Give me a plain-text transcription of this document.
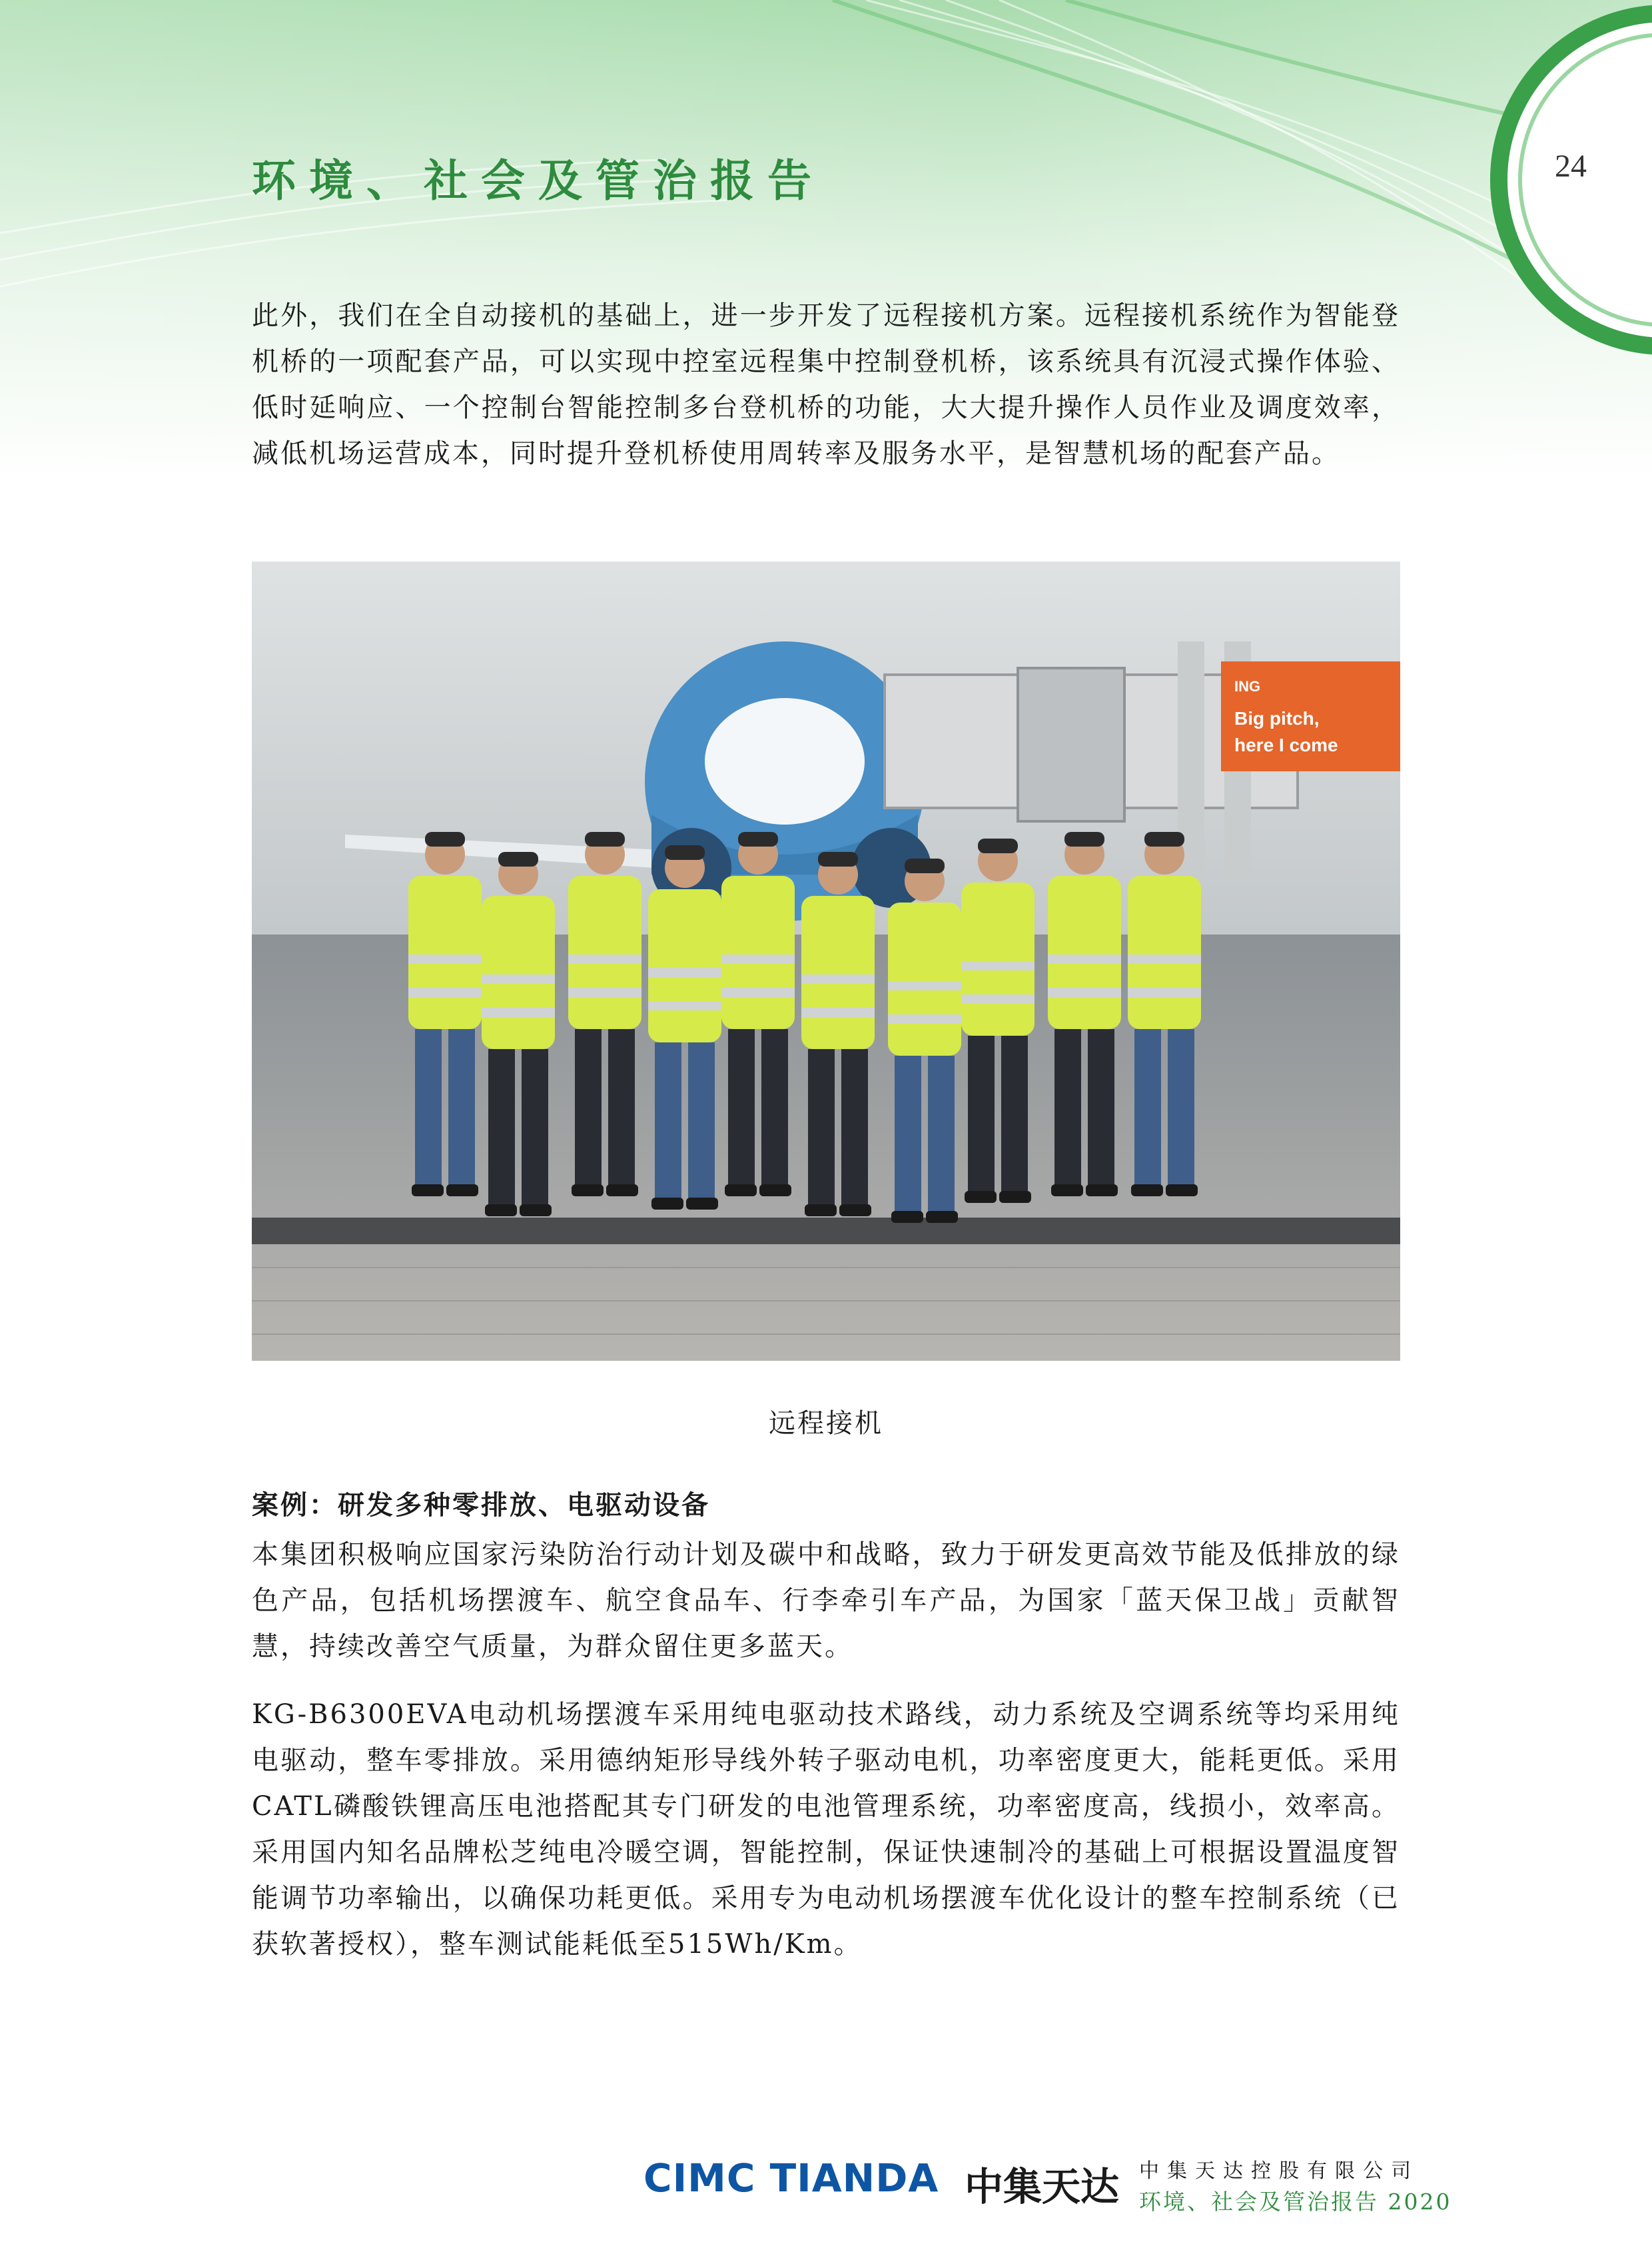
环境、社会及管治报告	24
此外，我们在全自动接机的基础上，进一步开发了远程接机方案。远程接机系统作为智能登机桥的一项配套产品，可以实现中控室远程集中控制登机桥，该系统具有沉浸式操作体验、低时延响应、一个控制台智能控制多台登机桥的功能，大大提升操作人员作业及调度效率，减低机场运营成本，同时提升登机桥使用周转率及服务水平，是智慧机场的配套产品。
ING
Big pitch,
here I come
远程接机
案例：研发多种零排放、电驱动设备
本集团积极响应国家污染防治行动计划及碳中和战略，致力于研发更高效节能及低排放的绿色产品，包括机场摆渡车、航空食品车、行李牵引车产品，为国家「蓝天保卫战」贡献智慧，持续改善空气质量，为群众留住更多蓝天。
KG-B6300EVA电动机场摆渡车采用纯电驱动技术路线，动力系统及空调系统等均采用纯电驱动，整车零排放。采用德纳矩形导线外转子驱动电机，功率密度更大，能耗更低。采用CATL磷酸铁锂高压电池搭配其专门研发的电池管理系统，功率密度高，线损小，效率高。采用国内知名品牌松芝纯电冷暖空调，智能控制，保证快速制冷的基础上可根据设置温度智能调节功率输出，以确保功耗更低。采用专为电动机场摆渡车优化设计的整车控制系统（已获软著授权），整车测试能耗低至515Wh/Km。
CIMC TIANDA 中集天达 中集天达控股有限公司
环境、社会及管治报告 2020
